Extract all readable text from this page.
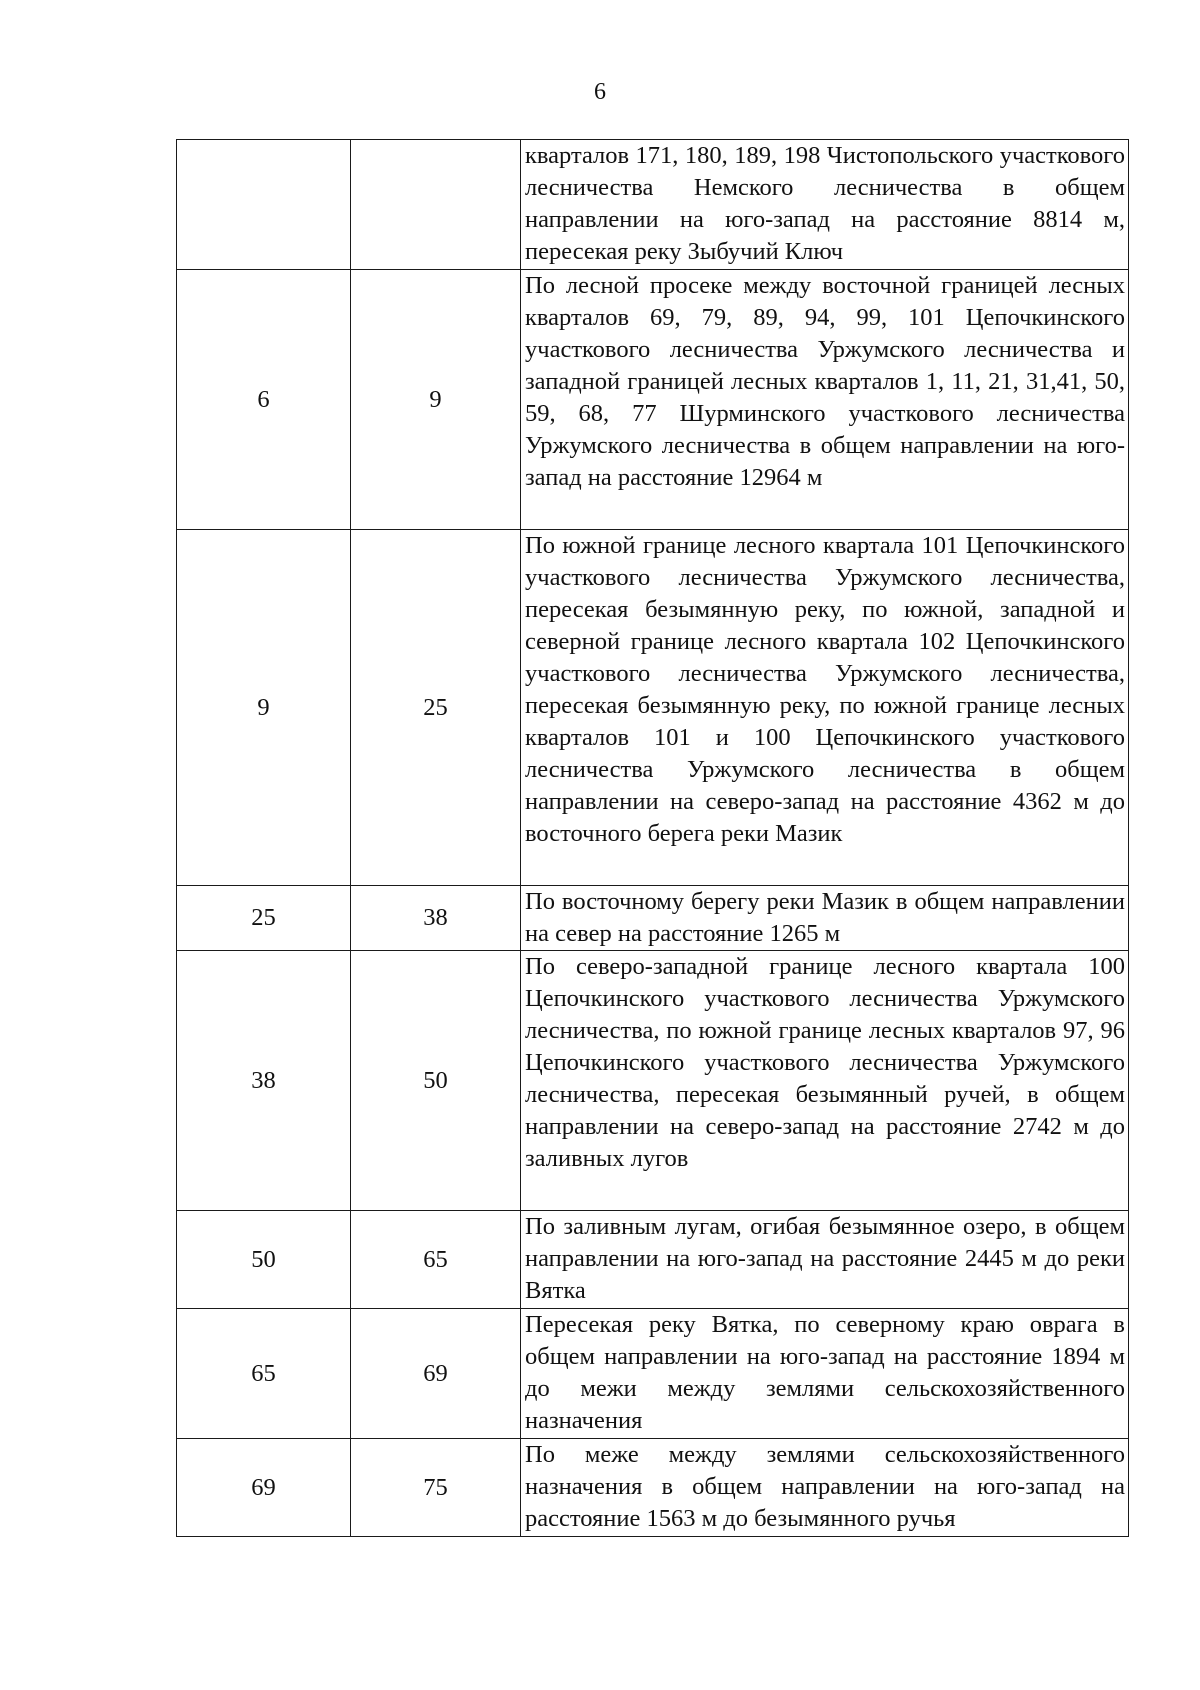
6
		кварталов 171, 180, 189, 198 Чистопольского участкового лесничества Немского лесничества в общем направлении на юго-запад на расстояние 8814 м, пересекая реку Зыбучий Ключ
6	9	По лесной просеке между восточной границей лесных кварталов 69, 79, 89, 94, 99, 101 Цепочкинского участкового лесничества Уржумского лесничества и западной границей лесных кварталов 1, 11, 21, 31,41, 50, 59, 68, 77 Шурминского участкового лесничества Уржумского лесничества в общем направлении на юго-запад на расстояние 12964 м
9	25	По южной границе лесного квартала 101 Цепочкинского участкового лесничества Уржумского лесничества, пересекая безымянную реку, по южной, западной и северной границе лесного квартала 102 Цепочкинского участкового лесничества Уржумского лесничества, пересекая безымянную реку, по южной границе лесных кварталов 101 и 100 Цепочкинского участкового лесничества Уржумского лесничества в общем направлении на северо-запад на расстояние 4362 м до восточного берега реки Мазик
25	38	По восточному берегу реки Мазик в общем направлении на север на расстояние 1265 м
38	50	По северо-западной границе лесного квартала 100 Цепочкинского участкового лесничества Уржумского лесничества, по южной границе лесных кварталов 97, 96 Цепочкинского участкового лесничества Уржумского лесничества, пересекая безымянный ручей, в общем направлении на северо-запад на расстояние 2742 м до заливных лугов
50	65	По заливным лугам, огибая безымянное озеро, в общем направлении на юго-запад на расстояние 2445 м до реки Вятка
65	69	Пересекая реку Вятка, по северному краю оврага в общем направлении на юго-запад на расстояние 1894 м до межи между землями сельскохозяйственного назначения
69	75	По меже между землями сельскохозяйственного назначения в общем направлении на юго-запад на расстояние 1563 м до безымянного ручья
